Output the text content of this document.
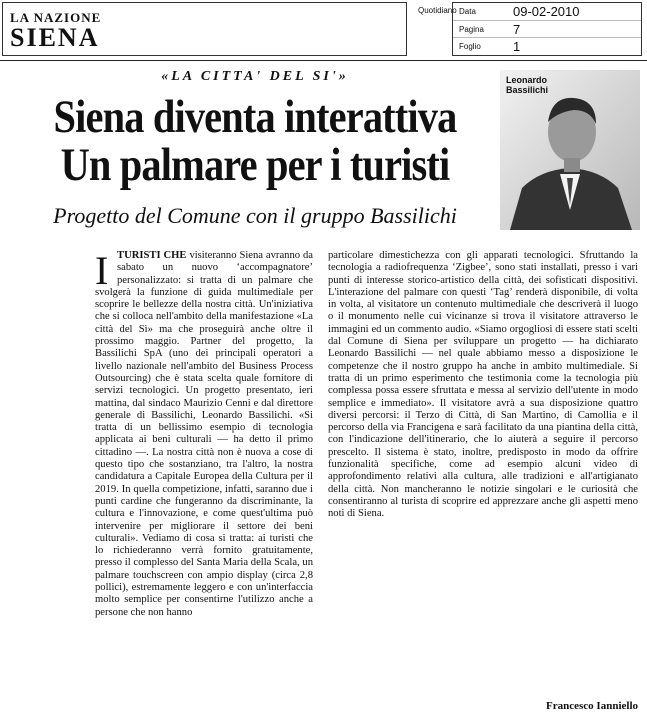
LA NAZIONE
SIENA
Quotidiano Data	09-02-2010
Pagina 7
Foglio 1
«LA CITTA' DEL SI'»
Siena diventa interattiva
Un palmare per i turisti
Progetto del Comune con il gruppo Bassilichi
Leonardo
Bassilichi
I TURISTI CHE visiteranno Siena avranno da sabato un nuovo ‘accompagnatore’ personalizzato: si tratta di un palmare che svolgerà la funzione di guida multimediale per scoprire le bellezze della nostra città. Un'iniziativa che si colloca nell'ambito della manifestazione «La città del Sì» ma che proseguirà anche oltre il prossimo maggio. Partner del progetto, la Bassilichi SpA (uno dei principali operatori a livello nazionale nell'ambito del Business Process Outsourcing) che è stata scelta quale fornitore di servizi tecnologici. Un progetto presentato, ieri mattina, dal sindaco Maurizio Cenni e dal direttore generale di Bassilichi, Leonardo Bassilichi. «Si tratta di un bellissimo esempio di tecnologia applicata ai beni culturali — ha detto il primo cittadino —. La nostra città non è nuova a cose di questo tipo che sostanziano, tra l'altro, la nostra candidatura a Capitale Europea della Cultura per il 2019. In quella competizione, infatti, saranno due i punti cardine che fungeranno da discriminante, la cultura e l'innovazione, e come quest'ultima può intervenire per migliorare il settore dei beni culturali». Vediamo di cosa si tratta: ai turisti che lo richiederanno verrà fornito gratuitamente, presso il complesso del Santa Maria della Scala, un palmare touchscreen con ampio display (circa 2,8 pollici), estremamente leggero e con un'interfaccia molto semplice per consentirne l'utilizzo anche a persone che non hanno

particolare dimestichezza con gli apparati tecnologici. Sfruttando la tecnologia a radiofrequenza ‘Zigbee’, sono stati installati, presso i vari punti di interesse storico-artistico della città, dei sofisticati dispositivi. L'interazione del palmare con questi ‘Tag’ renderà disponibile, di volta in volta, al visitatore un contenuto multimediale che descriverà il luogo o il monumento nelle cui vicinanze si trova il visitatore attraverso le immagini ed un commento audio. «Siamo orgogliosi di essere stati scelti dal Comune di Siena per sviluppare un progetto — ha dichiarato Leonardo Bassilichi — nel quale abbiamo messo a disposizione le competenze che il nostro gruppo ha anche in ambito multimediale. Si tratta di un primo esperimento che testimonia come la tecnologia più complessa possa essere sfruttata e messa al servizio dell'utente in modo semplice e immediato». Il visitatore avrà a sua disposizione quattro diversi percorsi: il Terzo di Città, di San Martino, di Camollia e il percorso della via Francigena e sarà facilitato da una piantina della città, con l'indicazione dell'itinerario, che lo aiuterà a seguire il percorso prescelto. Il sistema è stato, inoltre, predisposto in modo da offrire funzionalità specifiche, come ad esempio alcuni video di approfondimento relativi alla cultura, alle tradizioni e all'artigianato della città. Non mancheranno le notizie singolari e le curiosità che consentiranno al turista di scoprire ed apprezzare anche gli aspetti meno noti di Siena.

Francesco Ianniello
